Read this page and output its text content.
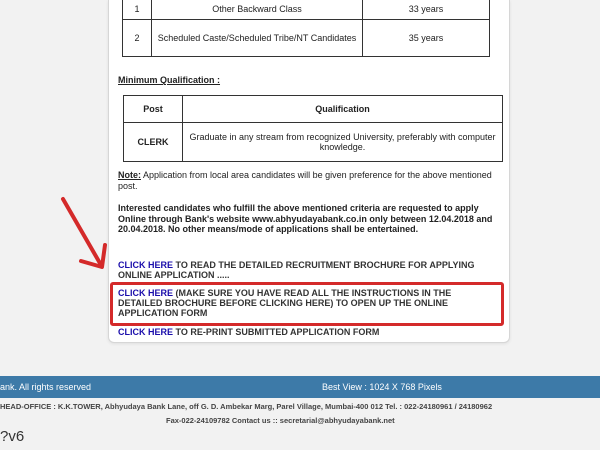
1	Other Backward Class	33 years
2	Scheduled Caste/Scheduled Tribe/NT Candidates	35 years
Minimum Qualification :
Post	Qualification
CLERK	Graduate in any stream from recognized University, preferably with computer knowledge.
Note: Application from local area candidates will be given preference for the above mentioned post.
Interested candidates who fulfill the above mentioned criteria are requested to apply Online through Bank's website www.abhyudayabank.co.in only between 12.04.2018 and 20.04.2018. No other means/mode of applications shall be entertained.
CLICK HERE TO READ THE DETAILED RECRUITMENT BROCHURE FOR APPLYING ONLINE APPLICATION .....
CLICK HERE (MAKE SURE YOU HAVE READ ALL THE INSTRUCTIONS IN THE DETAILED BROCHURE BEFORE CLICKING HERE) TO OPEN UP THE ONLINE APPLICATION FORM
CLICK HERE TO RE-PRINT SUBMITTED APPLICATION FORM
ank. All rights reserved	Best View : 1024 X 768 Pixels
HEAD-OFFICE : K.K.TOWER, Abhyudaya Bank Lane, off G. D. Ambekar Marg, Parel Village, Mumbai-400 012 Tel. : 022-24180961 / 24180962
Fax-022-24109782 Contact us :: secretarial@abhyudayabank.net
?v6
